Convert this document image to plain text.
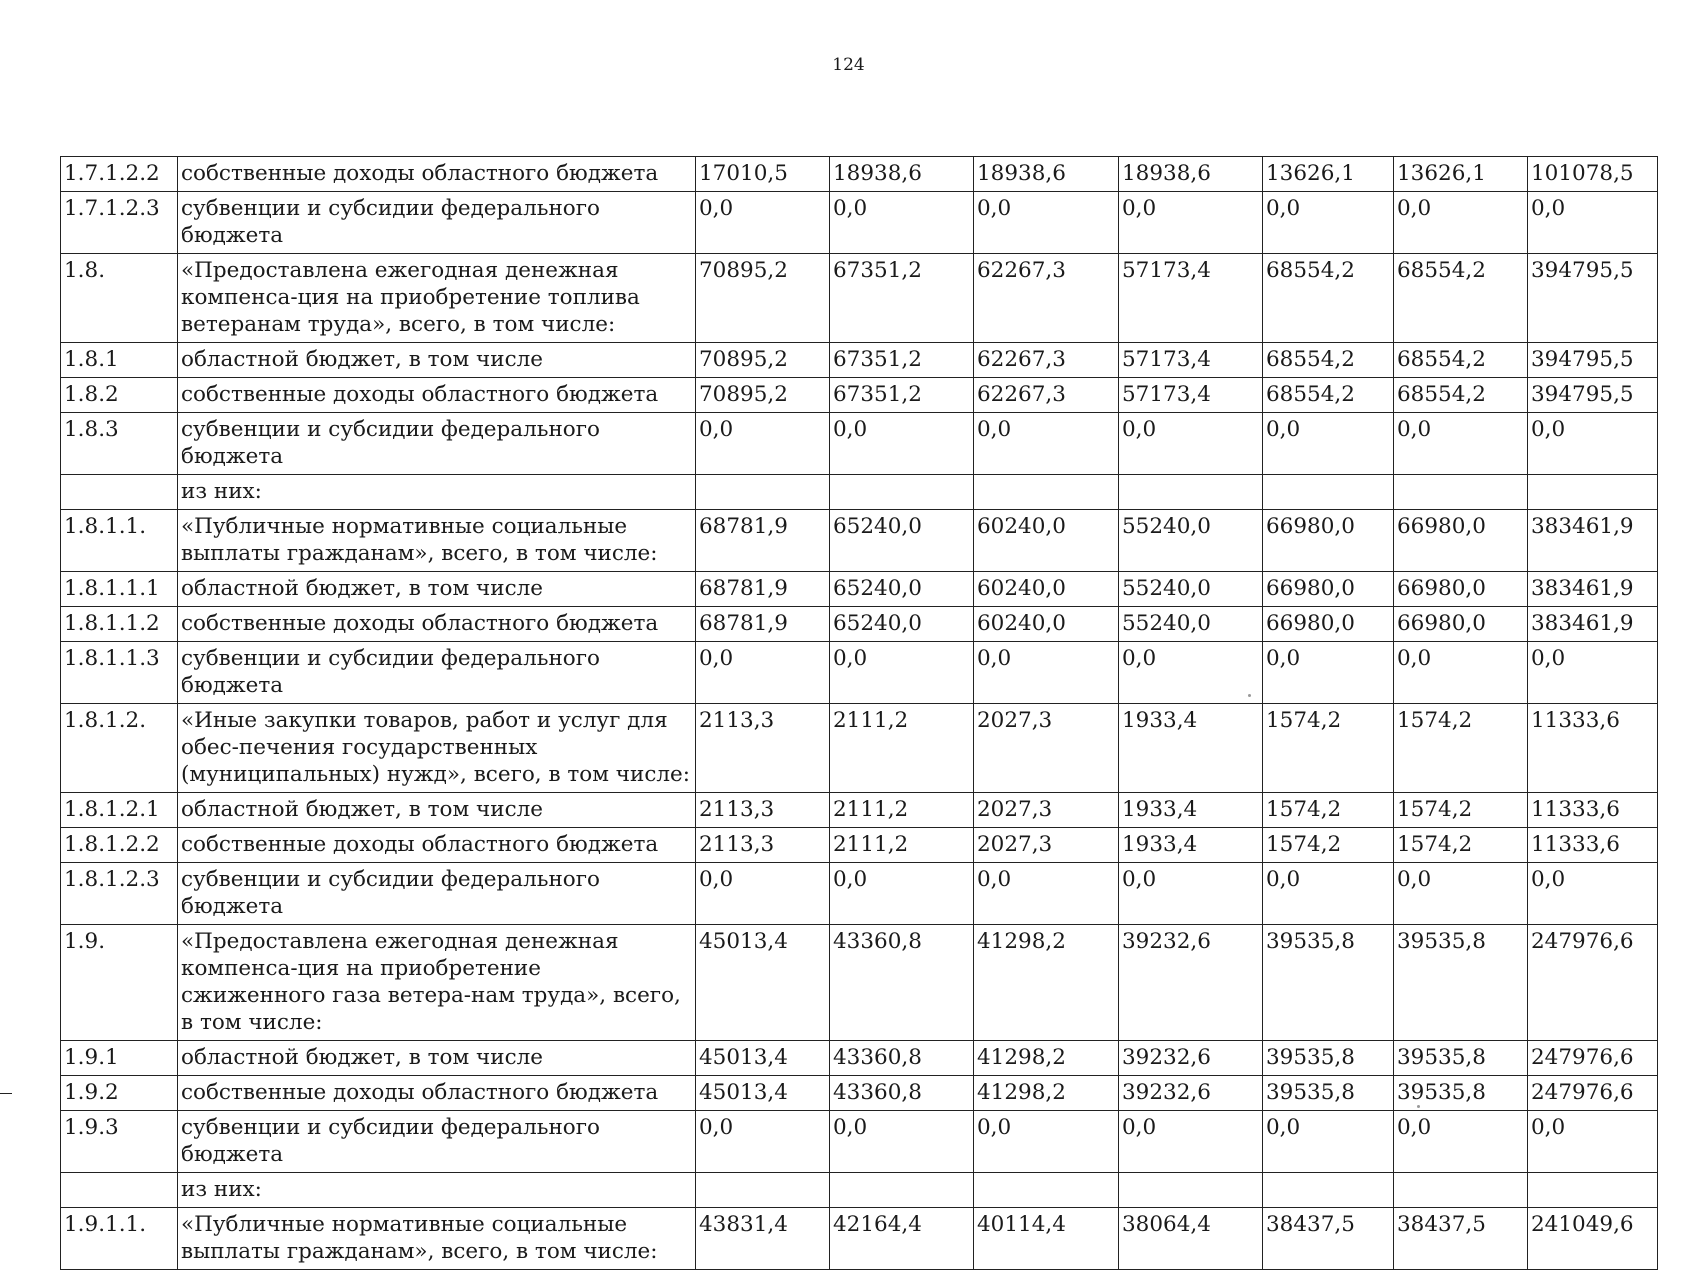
124
1.7.1.2.2	собственные доходы областного бюджета	17010,5	18938,6	18938,6	18938,6	13626,1	13626,1	101078,5
1.7.1.2.3	субвенции и субсидии федерального бюджета	0,0	0,0	0,0	0,0	0,0	0,0	0,0
1.8.	«Предоставлена ежегодная денежная компенса-ция на приобретение топлива ветеранам труда», всего, в том числе:	70895,2	67351,2	62267,3	57173,4	68554,2	68554,2	394795,5
1.8.1	областной бюджет, в том числе	70895,2	67351,2	62267,3	57173,4	68554,2	68554,2	394795,5
1.8.2	собственные доходы областного бюджета	70895,2	67351,2	62267,3	57173,4	68554,2	68554,2	394795,5
1.8.3	субвенции и субсидии федерального бюджета	0,0	0,0	0,0	0,0	0,0	0,0	0,0
	из них:							
1.8.1.1.	«Публичные нормативные социальные выплаты гражданам», всего, в том числе:	68781,9	65240,0	60240,0	55240,0	66980,0	66980,0	383461,9
1.8.1.1.1	областной бюджет, в том числе	68781,9	65240,0	60240,0	55240,0	66980,0	66980,0	383461,9
1.8.1.1.2	собственные доходы областного бюджета	68781,9	65240,0	60240,0	55240,0	66980,0	66980,0	383461,9
1.8.1.1.3	субвенции и субсидии федерального бюджета	0,0	0,0	0,0	0,0	0,0	0,0	0,0
1.8.1.2.	«Иные закупки товаров, работ и услуг для обес-печения государственных (муниципальных) нужд», всего, в том числе:	2113,3	2111,2	2027,3	1933,4	1574,2	1574,2	11333,6
1.8.1.2.1	областной бюджет, в том числе	2113,3	2111,2	2027,3	1933,4	1574,2	1574,2	11333,6
1.8.1.2.2	собственные доходы областного бюджета	2113,3	2111,2	2027,3	1933,4	1574,2	1574,2	11333,6
1.8.1.2.3	субвенции и субсидии федерального бюджета	0,0	0,0	0,0	0,0	0,0	0,0	0,0
1.9.	«Предоставлена ежегодная денежная компенса-ция на приобретение сжиженного газа ветера-нам труда», всего, в том числе:	45013,4	43360,8	41298,2	39232,6	39535,8	39535,8	247976,6
1.9.1	областной бюджет, в том числе	45013,4	43360,8	41298,2	39232,6	39535,8	39535,8	247976,6
1.9.2	собственные доходы областного бюджета	45013,4	43360,8	41298,2	39232,6	39535,8	39535,8	247976,6
1.9.3	субвенции и субсидии федерального бюджета	0,0	0,0	0,0	0,0	0,0	0,0	0,0
	из них:							
1.9.1.1.	«Публичные нормативные социальные выплаты гражданам», всего, в том числе:	43831,4	42164,4	40114,4	38064,4	38437,5	38437,5	241049,6
